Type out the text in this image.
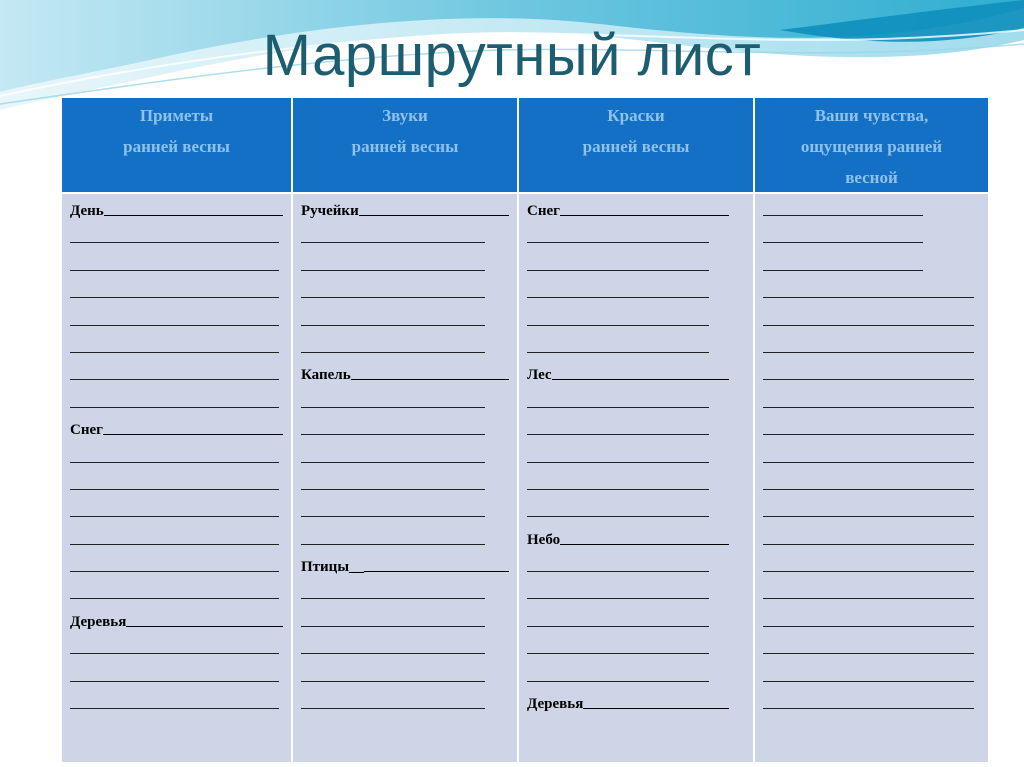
Маршрутный лист
Приметы
ранней весны
День
Снег
Деревья
Звуки
ранней весны
Ручейки
Капель
Птицы__
Краски
ранней весны
Снег
Лес
Небо
Деревья
Ваши чувства,
ощущения ранней
весной
